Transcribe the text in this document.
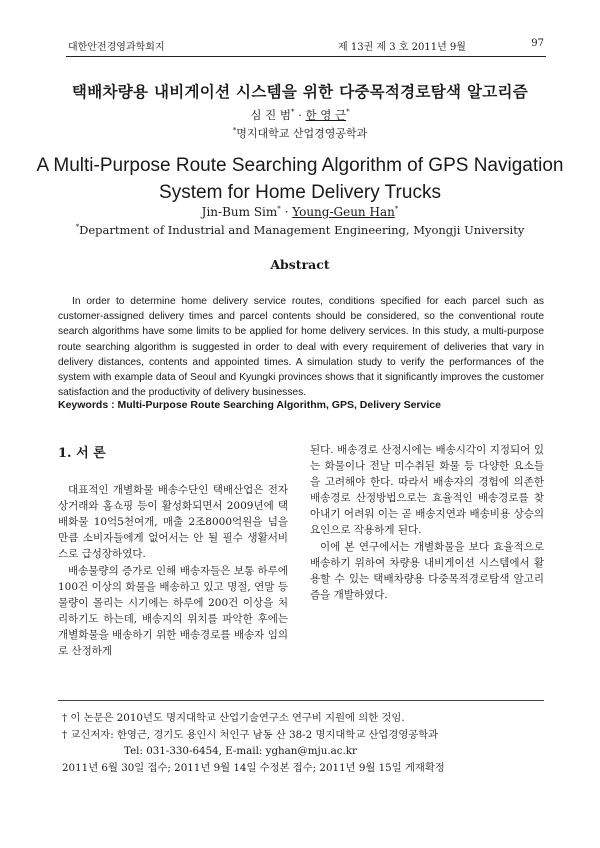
대한안전경영과학회지	제 13권 제 3 호 2011년 9월	97
택배차량용 내비게이션 시스템을 위한 다중목적경로탐색 알고리즘
심 진 범* · 한 영 근*
*명지대학교 산업경영공학과
A Multi-Purpose Route Searching Algorithm of GPS Navigation
System for Home Delivery Trucks
Jin-Bum Sim* · Young-Geun Han*
*Department of Industrial and Management Engineering, Myongji University
Abstract

In order to determine home delivery service routes, conditions specified for each parcel such as customer-assigned delivery times and parcel contents should be considered, so the conventional route search algorithms have some limits to be applied for home delivery services. In this study, a multi-purpose route searching algorithm is suggested in order to deal with every requirement of deliveries that vary in delivery distances, contents and appointed times. A simulation study to verify the performances of the system with example data of Seoul and Kyungki provinces shows that it significantly improves the customer satisfaction and the productivity of delivery businesses.

Keywords : Multi-Purpose Route Searching Algorithm, GPS, Delivery Service
1. 서 론

대표적인 개별화물 배송수단인 택배산업은 전자상거래와 홈쇼핑 등이 활성화되면서 2009년에 택배화물 10억5천여개, 매출 2조8000억원을 넘을 만큼 소비자들에게 없어서는 안 될 필수 생활서비스로 급성장하였다.

배송물량의 증가로 인해 배송자들은 보통 하루에 100건 이상의 화물을 배송하고 있고 명절, 연말 등 물량이 몰리는 시기에는 하루에 200건 이상을 처리하기도 하는데, 배송지의 위치를 파악한 후에는 개별화물을 배송하기 위한 배송경로를 배송자 임의로 산정하게

된다. 배송경로 산정시에는 배송시각이 지정되어 있는 화물이나 전날 미수취된 화물 등 다양한 요소들을 고려해야 한다. 따라서 배송자의 경험에 의존한 배송경로 산정방법으로는 효율적인 배송경로를 찾아내기 어려워 이는 곧 배송지연과 배송비용 상승의 요인으로 작용하게 된다.

이에 본 연구에서는 개별화물을 보다 효율적으로 배송하기 위하여 차량용 내비게이션 시스템에서 활용할 수 있는 택배차량용 다중목적경로탐색 알고리즘을 개발하였다.

† 이 논문은 2010년도 명지대학교 산업기술연구소 연구비 지원에 의한 것임.
† 교신저자: 한영근, 경기도 용인시 처인구 남동 산 38-2 명지대학교 산업경영공학과
Tel: 031-330-6454, E-mail: yghan@mju.ac.kr
2011년 6월 30일 접수; 2011년 9월 14일 수정본 접수; 2011년 9월 15일 게재확정
